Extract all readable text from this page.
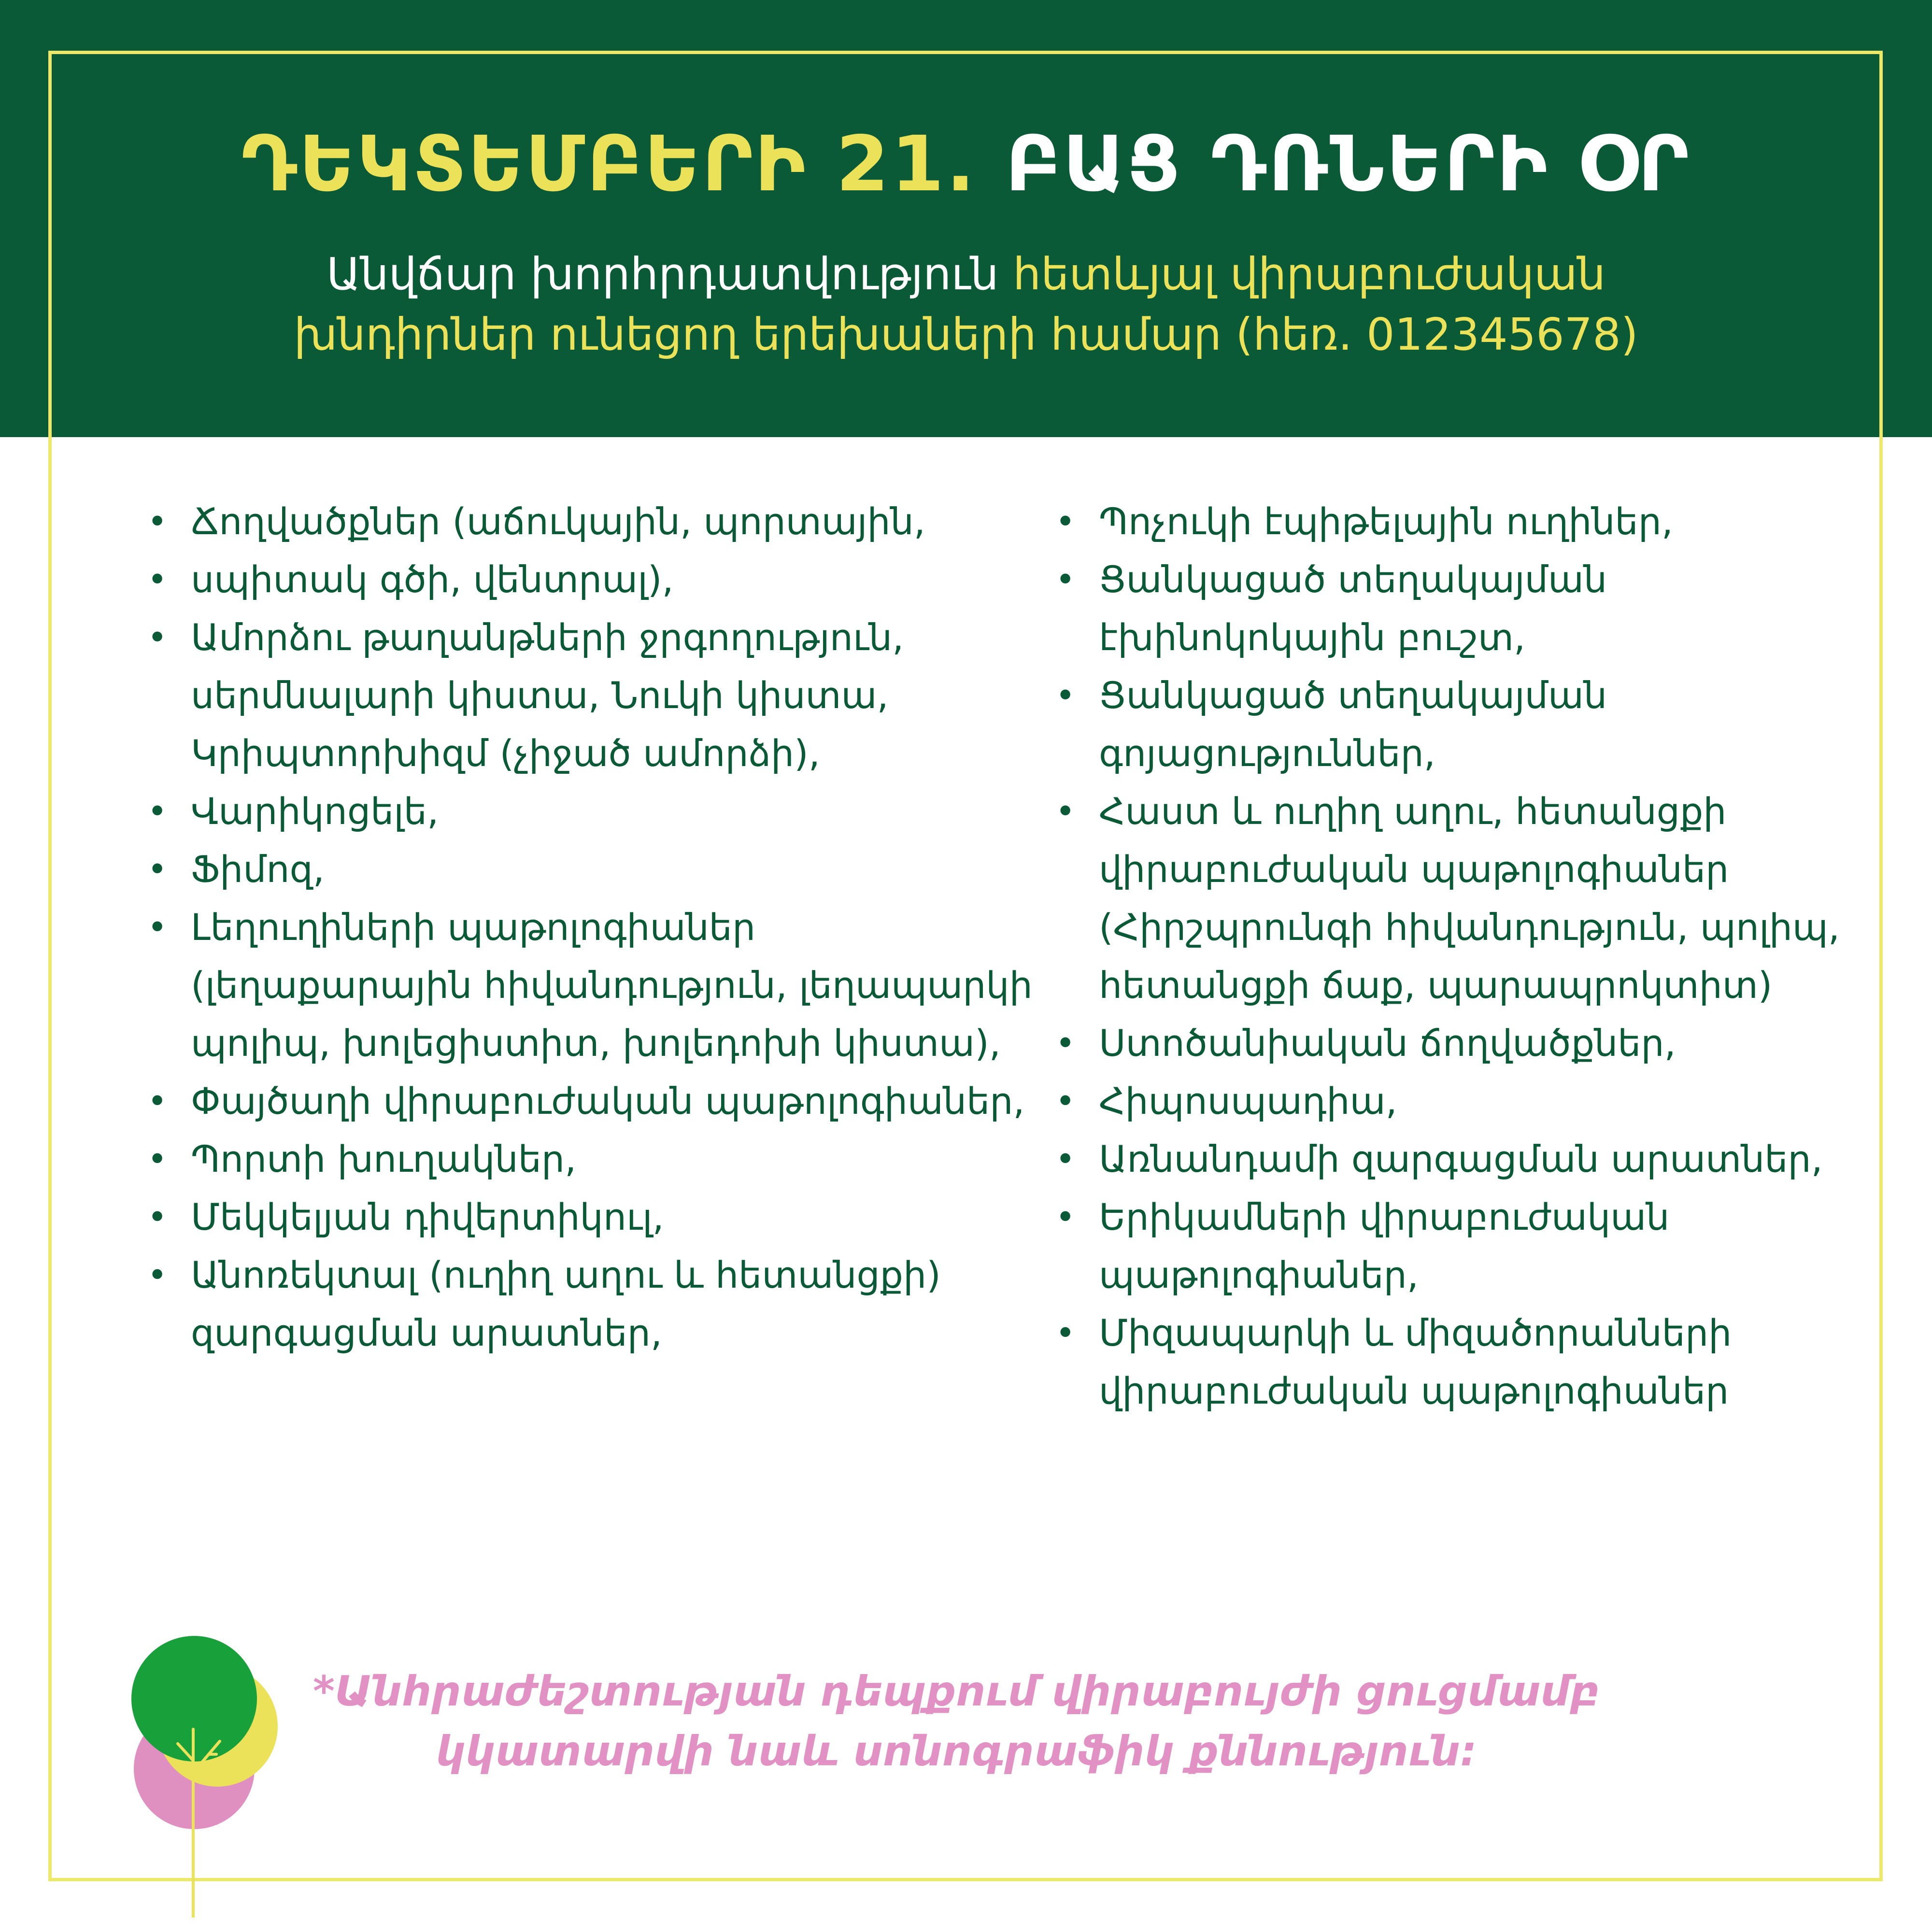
ԴԵԿՏԵՄԲԵՐԻ 21. ԲԱՑ ԴՌՆԵՐԻ ՕՐ
Անվճար խորհրդատվություն հետևյալ վիրաբուժական
խնդիրներ ունեցող երեխաների համար (հեռ. 012345678)
• Ճողվածքներ (աճուկային, պորտային,
• սպիտակ գծի, վենտրալ),
• Ամորձու թաղանթների ջրգողություն, սերմնալարի կիստա, Նուկի կիստա, Կրիպտորխիզմ (չիջած ամորձի),
• Վարիկոցելե,
• Ֆիմոզ,
• Լեղուղիների պաթոլոգիաներ (լեղաքարային հիվանդություն, լեղապարկի պոլիպ, խոլեցիստիտ, խոլեդոխի կիստա),
• Փայծաղի վիրաբուժական պաթոլոգիաներ,
• Պորտի խուղակներ,
• Մեկկելյան դիվերտիկուլ,
• Անոռեկտալ (ուղիղ աղու և հետանցքի) զարգացման արատներ,
• Պոչուկի էպիթելային ուղիներ,
• Ցանկացած տեղակայման էխինոկոկային բուշտ,
• Ցանկացած տեղակայման գոյացություններ,
• Հաստ և ուղիղ աղու, հետանցքի վիրաբուժական պաթոլոգիաներ (Հիրշպրունգի հիվանդություն, պոլիպ, հետանցքի ճաք, պարապրոկտիտ)
• Ստոծանիական ճողվածքներ,
• Հիպոսպադիա,
• Առնանդամի զարգացման արատներ,
• Երիկամների վիրաբուժական պաթոլոգիաներ,
• Միզապարկի և միզածորանների վիրաբուժական պաթոլոգիաներ
*Անհրաժեշտության դեպքում վիրաբույժի ցուցմամբ
կկատարվի նաև սոնոգրաֆիկ քննություն:
